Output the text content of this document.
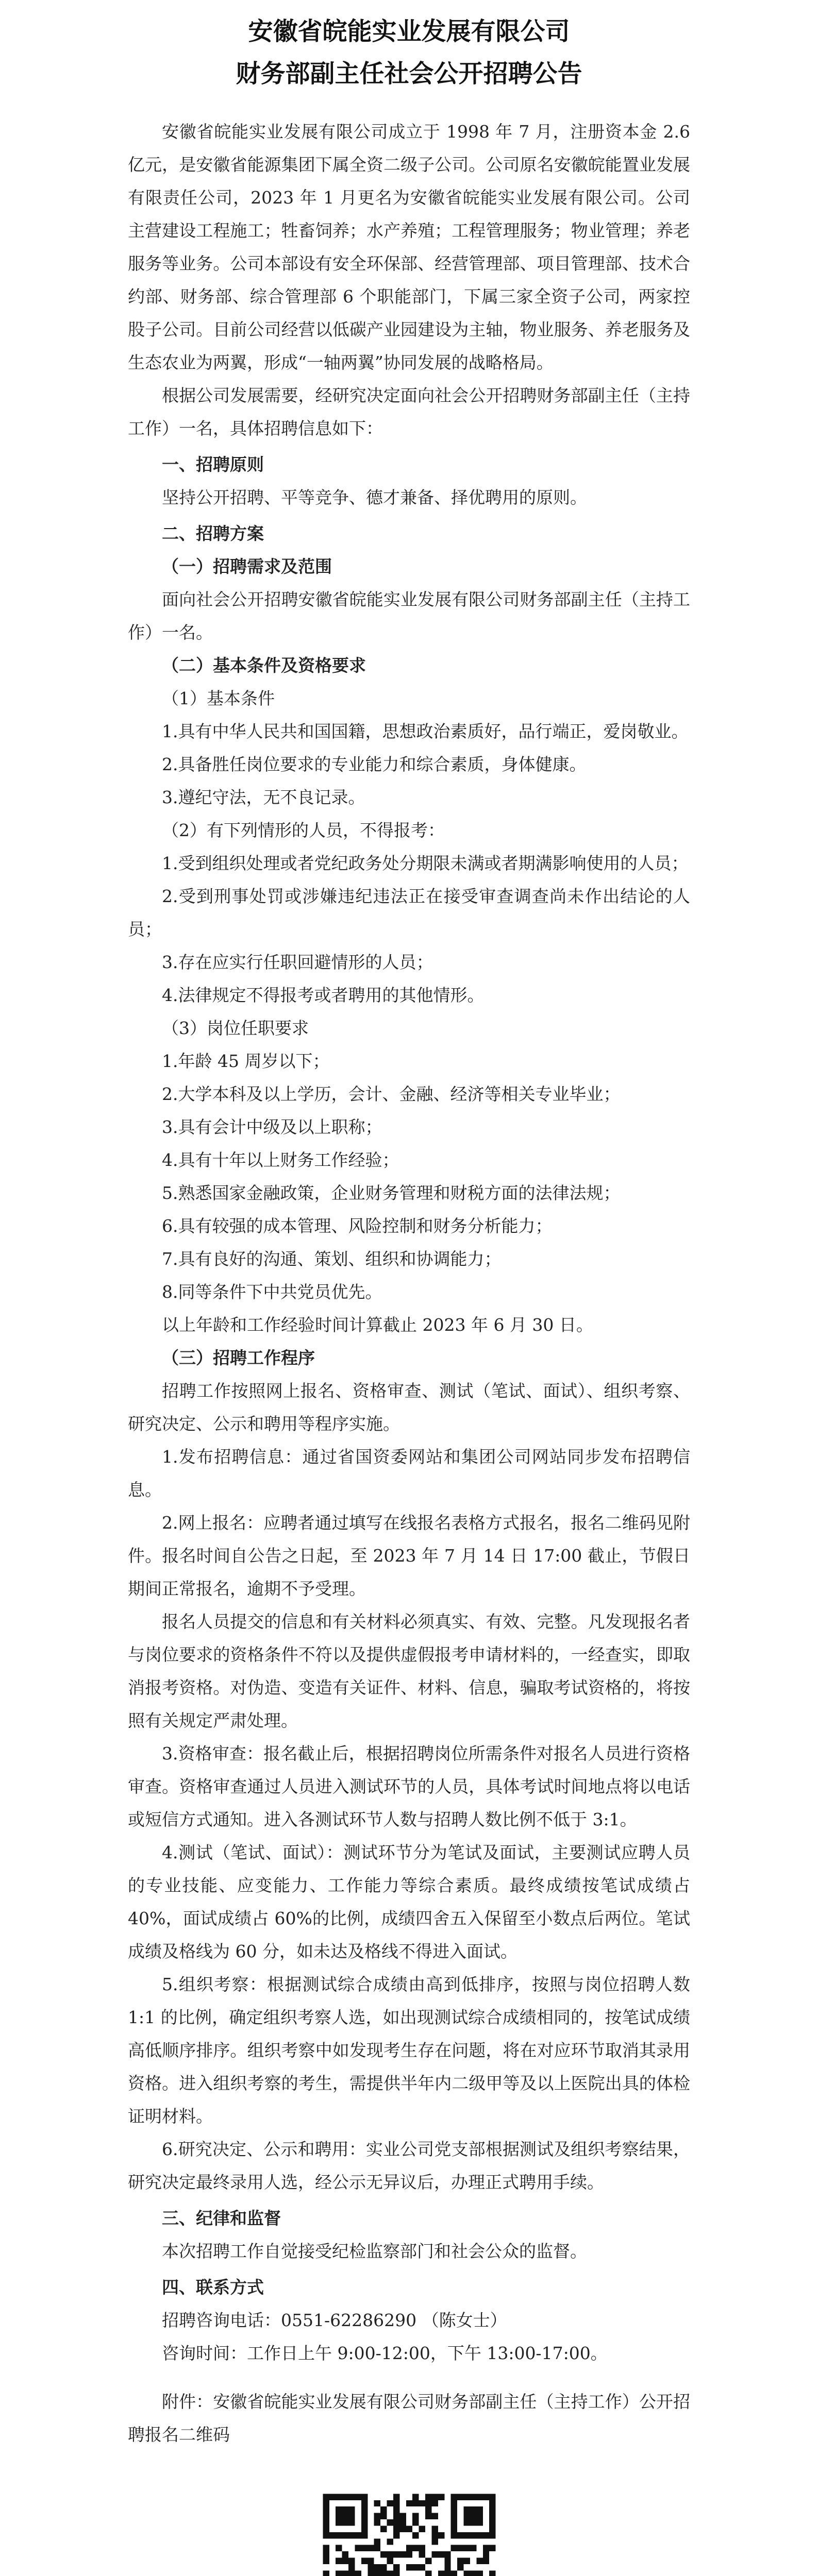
安徽省皖能实业发展有限公司
财务部副主任社会公开招聘公告

安徽省皖能实业发展有限公司成立于 1998 年 7 月，注册资本金 2.6 亿元，是安徽省能源集团下属全资二级子公司。公司原名安徽皖能置业发展有限责任公司，2023 年 1 月更名为安徽省皖能实业发展有限公司。公司主营建设工程施工；牲畜饲养；水产养殖；工程管理服务；物业管理；养老服务等业务。公司本部设有安全环保部、经营管理部、项目管理部、技术合约部、财务部、综合管理部 6 个职能部门，下属三家全资子公司，两家控股子公司。目前公司经营以低碳产业园建设为主轴，物业服务、养老服务及生态农业为两翼，形成“一轴两翼”协同发展的战略格局。

根据公司发展需要，经研究决定面向社会公开招聘财务部副主任（主持工作）一名，具体招聘信息如下：

一、招聘原则

坚持公开招聘、平等竞争、德才兼备、择优聘用的原则。

二、招聘方案

（一）招聘需求及范围

面向社会公开招聘安徽省皖能实业发展有限公司财务部副主任（主持工作）一名。

（二）基本条件及资格要求

（1）基本条件

1.具有中华人民共和国国籍，思想政治素质好，品行端正，爱岗敬业。

2.具备胜任岗位要求的专业能力和综合素质，身体健康。

3.遵纪守法，无不良记录。

（2）有下列情形的人员，不得报考：

1.受到组织处理或者党纪政务处分期限未满或者期满影响使用的人员；

2.受到刑事处罚或涉嫌违纪违法正在接受审查调查尚未作出结论的人员；

3.存在应实行任职回避情形的人员；

4.法律规定不得报考或者聘用的其他情形。

（3）岗位任职要求

1.年龄 45 周岁以下；

2.大学本科及以上学历，会计、金融、经济等相关专业毕业；

3.具有会计中级及以上职称；

4.具有十年以上财务工作经验；

5.熟悉国家金融政策，企业财务管理和财税方面的法律法规；

6.具有较强的成本管理、风险控制和财务分析能力；

7.具有良好的沟通、策划、组织和协调能力；

8.同等条件下中共党员优先。

以上年龄和工作经验时间计算截止 2023 年 6 月 30 日。

（三）招聘工作程序

招聘工作按照网上报名、资格审查、测试（笔试、面试）、组织考察、研究决定、公示和聘用等程序实施。

1.发布招聘信息：通过省国资委网站和集团公司网站同步发布招聘信息。

2.网上报名：应聘者通过填写在线报名表格方式报名，报名二维码见附件。报名时间自公告之日起，至 2023 年 7 月 14 日 17:00 截止，节假日期间正常报名，逾期不予受理。

报名人员提交的信息和有关材料必须真实、有效、完整。凡发现报名者与岗位要求的资格条件不符以及提供虚假报考申请材料的，一经查实，即取消报考资格。对伪造、变造有关证件、材料、信息，骗取考试资格的，将按照有关规定严肃处理。

3.资格审查：报名截止后，根据招聘岗位所需条件对报名人员进行资格审查。资格审查通过人员进入测试环节的人员，具体考试时间地点将以电话或短信方式通知。进入各测试环节人数与招聘人数比例不低于 3:1。

4.测试（笔试、面试）：测试环节分为笔试及面试，主要测试应聘人员的专业技能、应变能力、工作能力等综合素质。最终成绩按笔试成绩占 40%，面试成绩占 60%的比例，成绩四舍五入保留至小数点后两位。笔试成绩及格线为 60 分，如未达及格线不得进入面试。

5.组织考察：根据测试综合成绩由高到低排序，按照与岗位招聘人数 1:1 的比例，确定组织考察人选，如出现测试综合成绩相同的，按笔试成绩高低顺序排序。组织考察中如发现考生存在问题，将在对应环节取消其录用资格。进入组织考察的考生，需提供半年内二级甲等及以上医院出具的体检证明材料。

6.研究决定、公示和聘用：实业公司党支部根据测试及组织考察结果，研究决定最终录用人选，经公示无异议后，办理正式聘用手续。

三、纪律和监督

本次招聘工作自觉接受纪检监察部门和社会公众的监督。

四、联系方式

招聘咨询电话：0551-62286290 （陈女士）

咨询时间：工作日上午 9:00-12:00，下午 13:00-17:00。

附件：安徽省皖能实业发展有限公司财务部副主任（主持工作）公开招聘报名二维码
